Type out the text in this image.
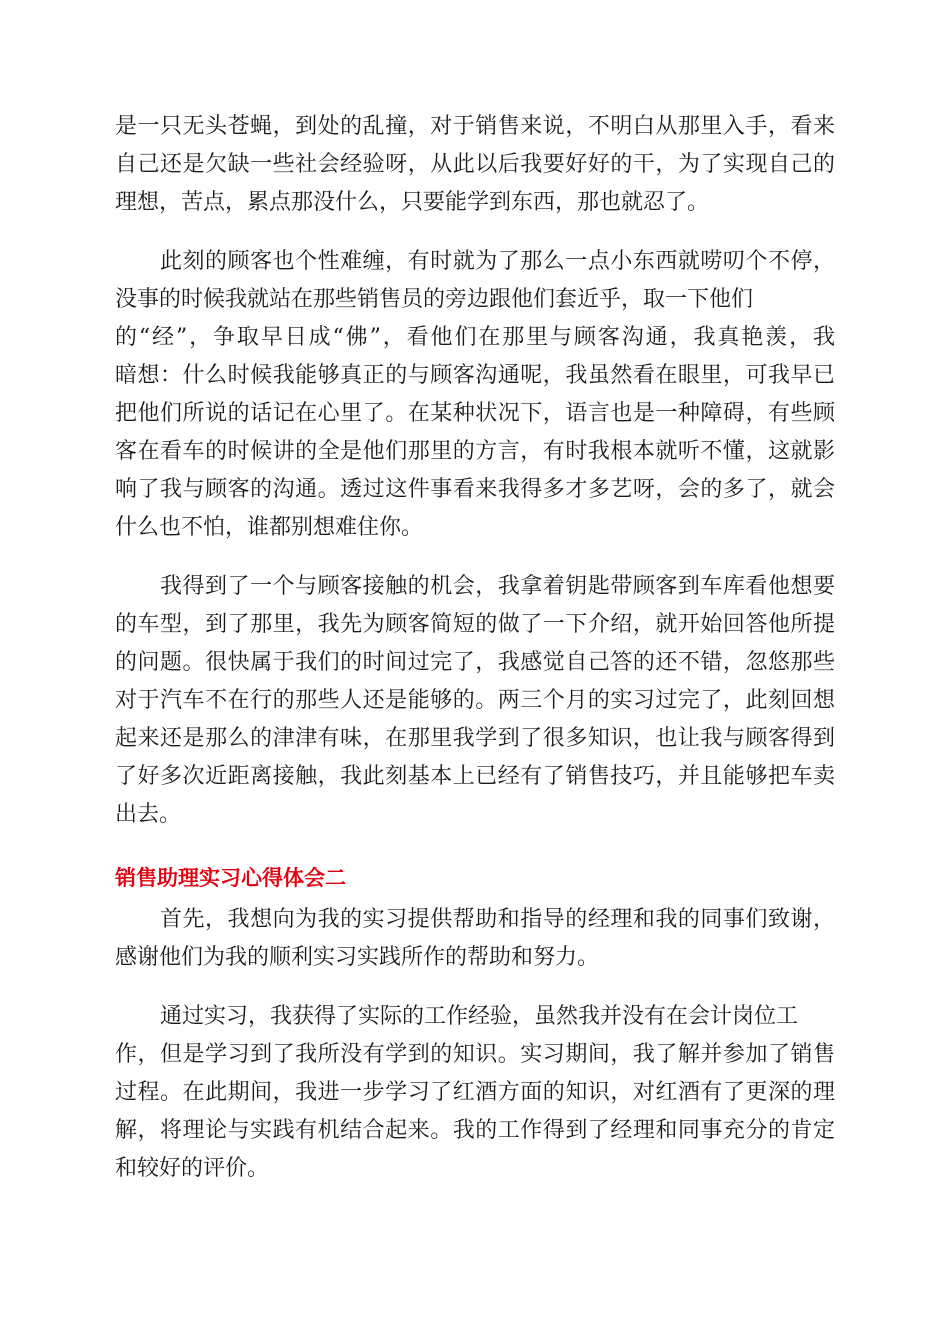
是一只无头苍蝇，到处的乱撞，对于销售来说，不明白从那里入手，看来
自己还是欠缺一些社会经验呀，从此以后我要好好的干，为了实现自己的
理想，苦点，累点那没什么，只要能学到东西，那也就忍了。
此刻的顾客也个性难缠，有时就为了那么一点小东西就唠叨个不停，
没事的时候我就站在那些销售员的旁边跟他们套近乎，取一下他们
的“经”，争取早日成“佛”，看他们在那里与顾客沟通，我真艳羡，我
暗想：什么时候我能够真正的与顾客沟通呢，我虽然看在眼里，可我早已
把他们所说的话记在心里了。在某种状况下，语言也是一种障碍，有些顾
客在看车的时候讲的全是他们那里的方言，有时我根本就听不懂，这就影
响了我与顾客的沟通。透过这件事看来我得多才多艺呀，会的多了，就会
什么也不怕，谁都别想难住你。
我得到了一个与顾客接触的机会，我拿着钥匙带顾客到车库看他想要
的车型，到了那里，我先为顾客简短的做了一下介绍，就开始回答他所提
的问题。很快属于我们的时间过完了，我感觉自己答的还不错，忽悠那些
对于汽车不在行的那些人还是能够的。两三个月的实习过完了，此刻回想
起来还是那么的津津有味，在那里我学到了很多知识，也让我与顾客得到
了好多次近距离接触，我此刻基本上已经有了销售技巧，并且能够把车卖
出去。
销售助理实习心得体会二
首先，我想向为我的实习提供帮助和指导的经理和我的同事们致谢，
感谢他们为我的顺利实习实践所作的帮助和努力。
通过实习，我获得了实际的工作经验，虽然我并没有在会计岗位工
作，但是学习到了我所没有学到的知识。实习期间，我了解并参加了销售
过程。在此期间，我进一步学习了红酒方面的知识，对红酒有了更深的理
解，将理论与实践有机结合起来。我的工作得到了经理和同事充分的肯定
和较好的评价。
